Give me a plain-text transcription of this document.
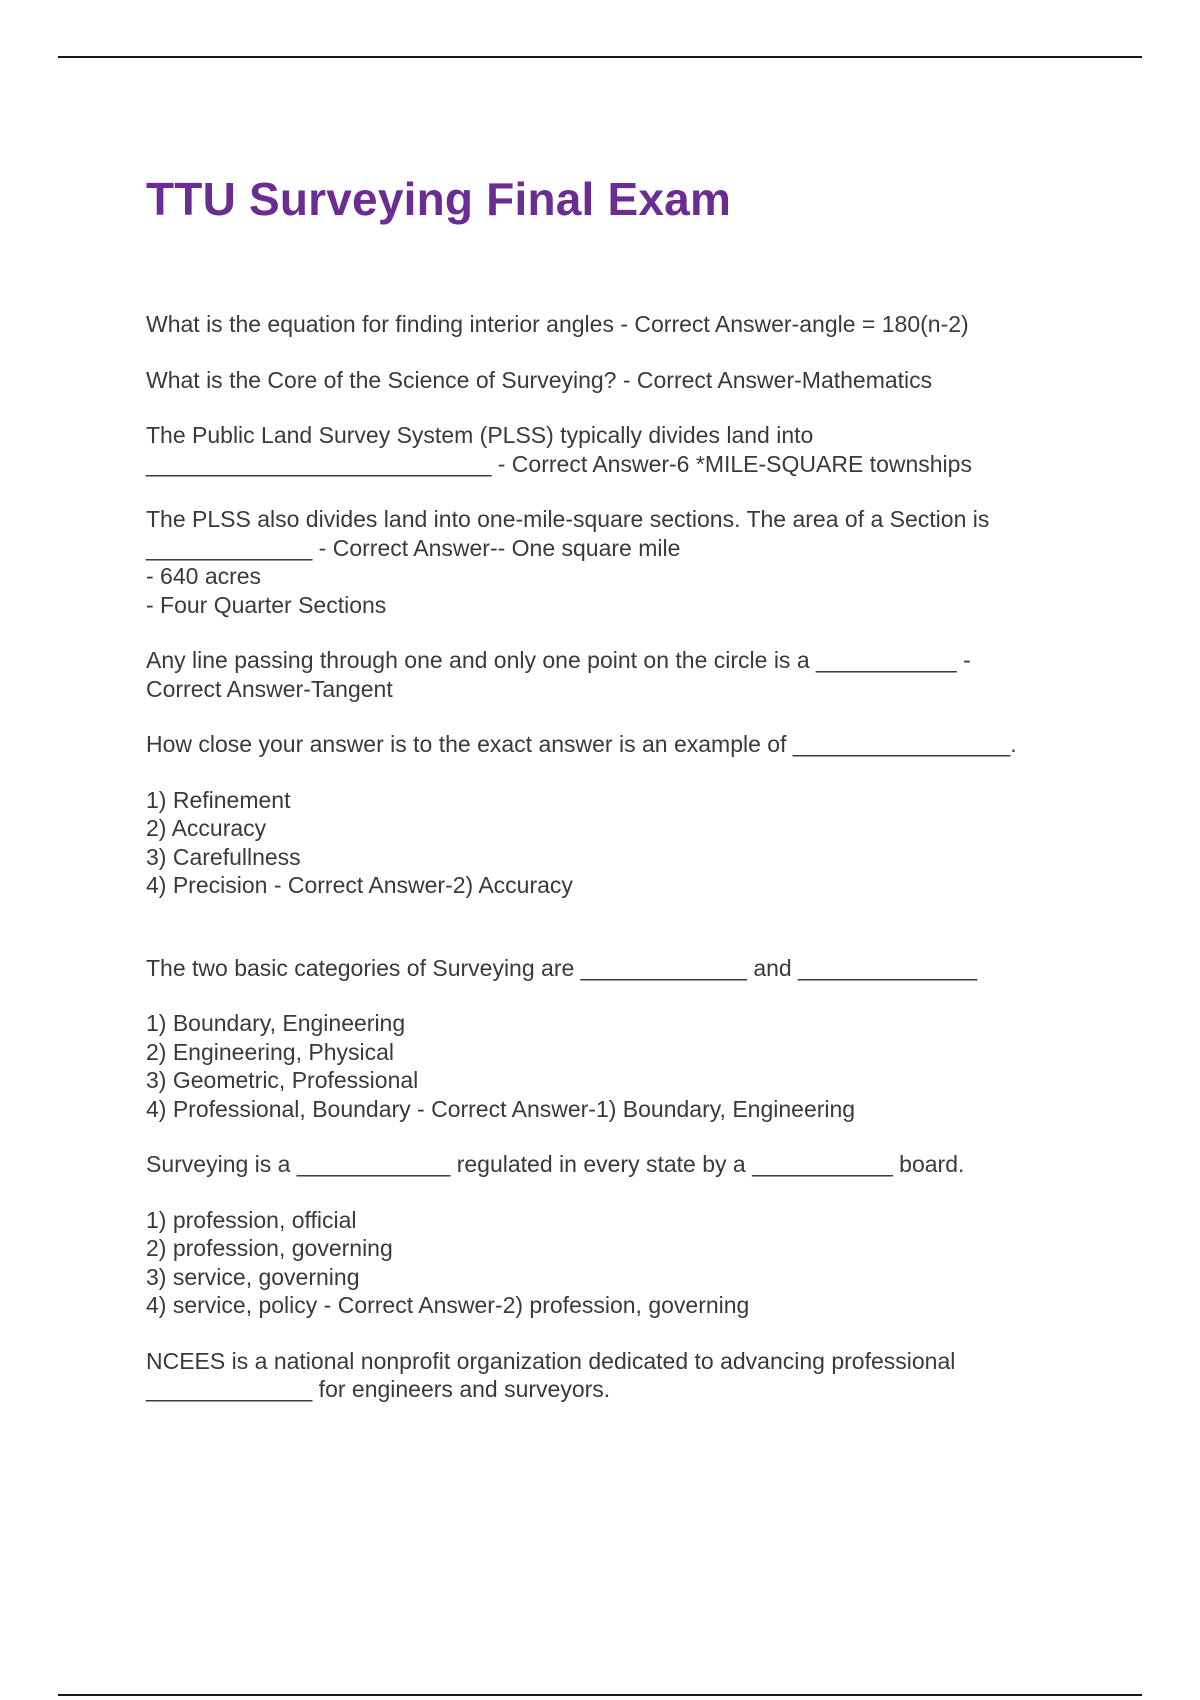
TTU Surveying Final Exam
What is the equation for finding interior angles - Correct Answer-angle = 180(n-2)
What is the Core of the Science of Surveying? - Correct Answer-Mathematics
The Public Land Survey System (PLSS) typically divides land into
___________________________ - Correct Answer-6 *MILE-SQUARE townships
The PLSS also divides land into one-mile-square sections. The area of a Section is
_____________ - Correct Answer-- One square mile
- 640 acres
- Four Quarter Sections
Any line passing through one and only one point on the circle is a ___________ -
Correct Answer-Tangent
How close your answer is to the exact answer is an example of _________________.
1) Refinement
2) Accuracy
3) Carefullness
4) Precision - Correct Answer-2) Accuracy
The two basic categories of Surveying are _____________ and ______________
1) Boundary, Engineering
2) Engineering, Physical
3) Geometric, Professional
4) Professional, Boundary - Correct Answer-1) Boundary, Engineering
Surveying is a ____________ regulated in every state by a ___________ board.
1) profession, official
2) profession, governing
3) service, governing
4) service, policy - Correct Answer-2) profession, governing
NCEES is a national nonprofit organization dedicated to advancing professional
_____________ for engineers and surveyors.
